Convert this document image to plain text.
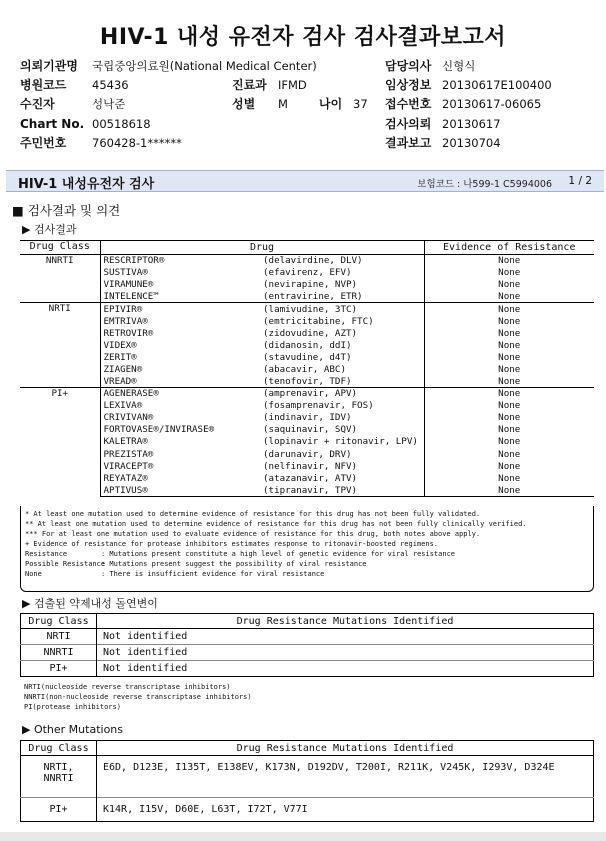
HIV-1 내성 유전자 검사 검사결과보고서
의뢰기관명 국립중앙의료원(National Medical Center)
병원코드 45436	진료과 IFMD
수진자	성낙준	성별 M	나이 37
Chart No. 00518618
주민번호 760428-1******
담당의사 신형식
임상정보 20130617E100400
접수번호 20130617-06065
검사의뢰 20130617
결과보고 20130704
HIV-1 내성유전자 검사	보험코드 : 나599-1 C5994006 1 / 2
■ 검사결과 및 의견
▶ 검사결과
Drug Class	Drug		Evidence of Resistance
NNRTI	RESCRIPTOR®	(delavirdine, DLV)	None
	SUSTIVA®	(efavirenz, EFV)	None
	VIRAMUNE®	(nevirapine, NVP)	None
	INTELENCE™	(entravirine, ETR)	None
NRTI	EPIVIR®	(lamivudine, 3TC)	None
	EMTRIVA®	(emtricitabine, FTC)	None
	RETROVIR®	(zidovudine, AZT)	None
	VIDEX®	(didanosin, ddI)	None
	ZERIT®	(stavudine, d4T)	None
	ZIAGEN®	(abacavir, ABC)	None
	VREAD®	(tenofovir, TDF)	None
PI+	AGENERASE®	(amprenavir, APV)	None
	LEXIVA®	(fosamprenavir, FOS)	None
	CRIVIVAN®	(indinavir, IDV)	None
	FORTOVASE®/INVIRASE®	(saquinavir, SQV)	None
	KALETRA®	(lopinavir + ritonavir, LPV)	None
	PREZISTA®	(darunavir, DRV)	None
	VIRACEPT®	(nelfinavir, NFV)	None
	REYATAZ®	(atazanavir, ATV)	None
	APTIVUS®	(tipranavir, TPV)	None
* At least one mutation used to determine evidence of resistance for this drug has not been fully validated.
** At least one mutation used to determine evidence of resistance for this drug has not been fully clinically verified.
*** For at least one mutation used to evaluate evidence of resistance for this drug, both notes above apply.
+ Evidence of resistance for protease inhibitors estimates response to ritonavir-boosted regimens.
Resistance	: Mutations present constitute a high level of genetic evidence for viral resistance
Possible Resistance: Mutations present suggest the possibility of viral resistance
None	: There is insufficient evidence for viral resistance
▶ 검출된 약제내성 돌연변이
Drug Class	Drug Resistance Mutations Identified
NRTI	Not identified
NNRTI	Not identified
PI+	Not identified
NRTI(nucleoside reverse transcriptase inhibitors)
NNRTI(non-nucleoside reverse transcriptase inhibitors)
PI(protease inhibitors)
▶ Other Mutations
Drug Class	Drug Resistance Mutations Identified
NRTI, NNRTI	E6D, D123E, I135T, E138EV, K173N, D192DV, T200I, R211K, V245K, I293V, D324E
PI+	K14R, I15V, D60E, L63T, I72T, V77I
